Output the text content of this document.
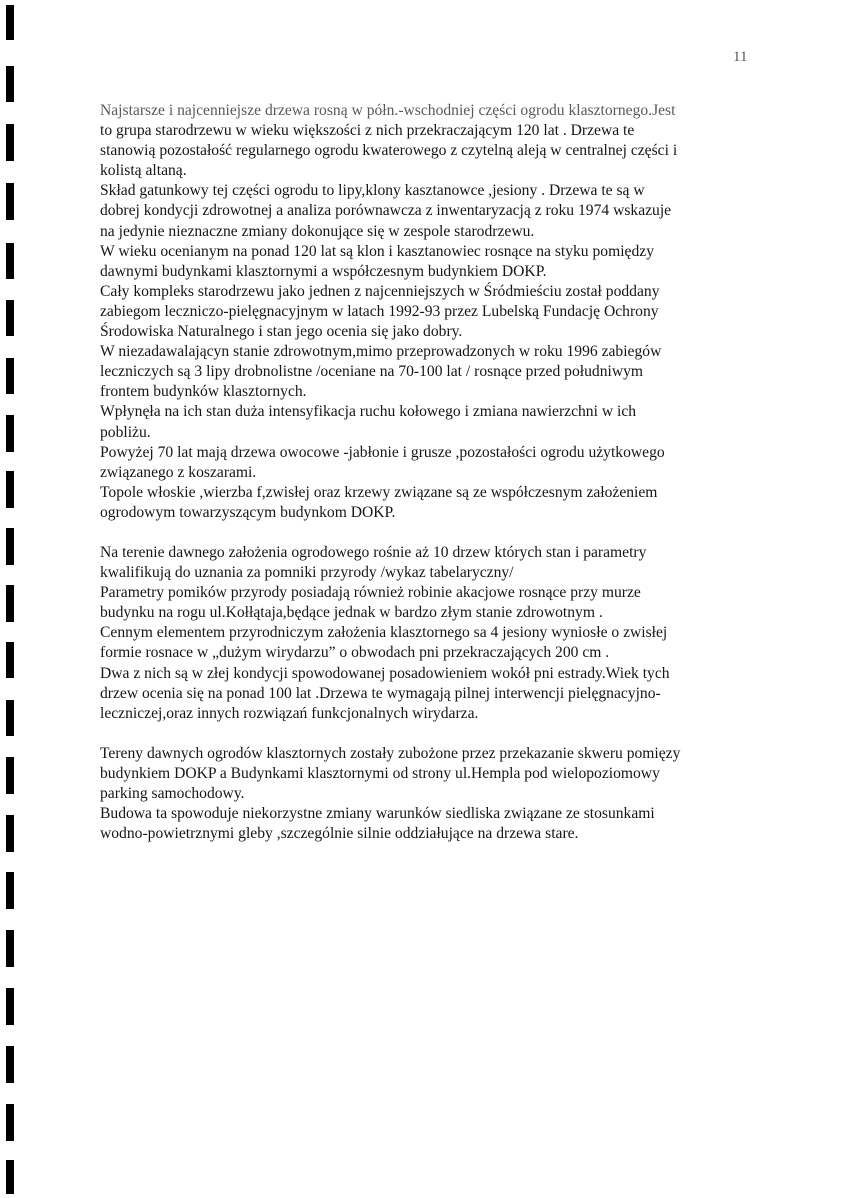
11
Najstarsze i najcenniejsze drzewa rosną w półn.-wschodniej części ogrodu klasztornego.Jest
to grupa starodrzewu w wieku większości z nich przekraczającym 120 lat . Drzewa te
stanowią pozostałość regularnego ogrodu kwaterowego z czytelną aleją w centralnej części i
kolistą altaną.
Skład gatunkowy tej części ogrodu to lipy,klony kasztanowce ,jesiony . Drzewa te są w
dobrej kondycji zdrowotnej a analiza porównawcza z inwentaryzacją z roku 1974 wskazuje
na jedynie nieznaczne zmiany dokonujące się w zespole starodrzewu.
W wieku ocenianym na ponad 120 lat są klon i kasztanowiec rosnące na styku pomiędzy
dawnymi budynkami klasztornymi a współczesnym budynkiem DOKP.
Cały kompleks starodrzewu jako jednen z najcenniejszych w Śródmieściu został poddany
zabiegom leczniczo-pielęgnacyjnym w latach 1992-93 przez Lubelską Fundację Ochrony
Środowiska Naturalnego i stan jego ocenia się jako dobry.
W niezadawalającyn stanie zdrowotnym,mimo przeprowadzonych w roku 1996 zabiegów
leczniczych są 3 lipy drobnolistne /oceniane na 70-100 lat / rosnące przed południwym
frontem budynków klasztornych.
Wpłynęła na ich stan duża intensyfikacja ruchu kołowego i zmiana nawierzchni w ich
pobliżu.
Powyżej 70 lat mają drzewa owocowe -jabłonie i grusze ,pozostałości ogrodu użytkowego
związanego z koszarami.
Topole włoskie ,wierzba f,zwisłej oraz krzewy związane są ze współczesnym założeniem
ogrodowym towarzyszącym budynkom DOKP.
Na terenie dawnego założenia ogrodowego rośnie aż 10 drzew których stan i parametry
kwalifikują do uznania za pomniki przyrody /wykaz tabelaryczny/
Parametry pomików przyrody posiadają również robinie akacjowe rosnące przy murze
budynku na rogu ul.Kołłątaja,będące jednak w bardzo złym stanie zdrowotnym .
Cennym elementem przyrodniczym założenia klasztornego sa 4 jesiony wyniosłe o zwisłej
formie rosnace w „dużym wirydarzu” o obwodach pni przekraczających 200 cm .
Dwa z nich są w złej kondycji spowodowanej posadowieniem wokół pni estrady.Wiek tych
drzew ocenia się na ponad 100 lat .Drzewa te wymagają pilnej interwencji pielęgnacyjno-
leczniczej,oraz innych rozwiązań funkcjonalnych wirydarza.
Tereny dawnych ogrodów klasztornych zostały zubożone przez przekazanie skweru pomięzy
budynkiem DOKP a Budynkami klasztornymi od strony ul.Hempla pod wielopoziomowy
parking samochodowy.
Budowa ta spowoduje niekorzystne zmiany warunków siedliska związane ze stosunkami
wodno-powietrznymi gleby ,szczególnie silnie oddziałujące na drzewa stare.
